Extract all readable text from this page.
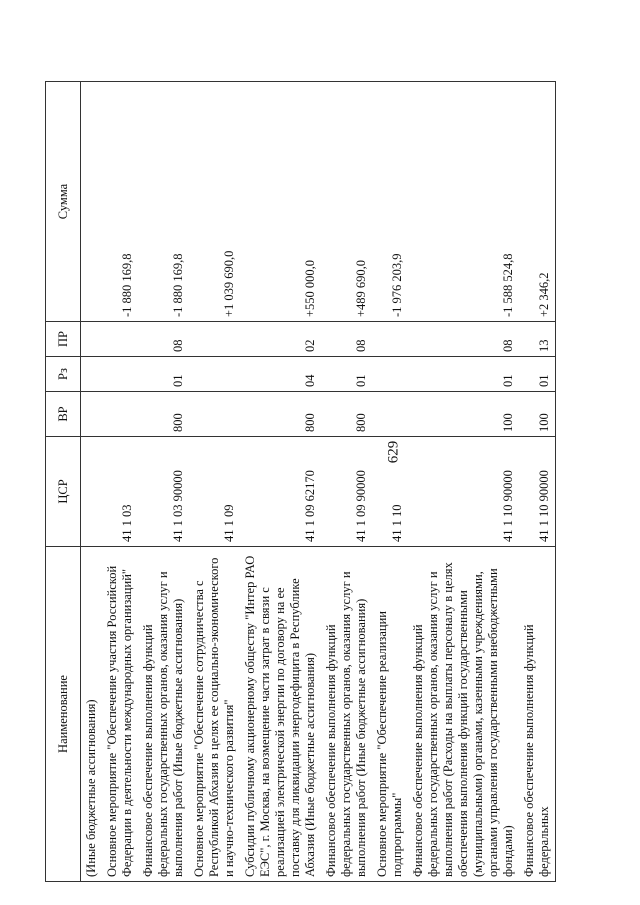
629
Наименование	ЦСР	ВР	Рз	ПР	Сумма
(Иные бюджетные ассигнования)					
Основное мероприятие "Обеспечение участия Российской Федерации в деятельности международных организаций"	41 1 03				-1 880 169,8
Финансовое обеспечение выполнения функций федеральных государственных органов, оказания услуг и выполнения работ (Иные бюджетные ассигнования)	41 1 03 90000	800	01	08	-1 880 169,8
Основное мероприятие "Обеспечение сотрудничества с Республикой Абхазия в целях ее социально-экономического и научно-технического развития"	41 1 09				+1 039 690,0
Субсидии публичному акционерному обществу "Интер РАО ЕЭС", г. Москва, на возмещение части затрат в связи с реализацией электрической энергии по договору на ее поставку для ликвидации энергодефицита в Республике Абхазия (Иные бюджетные ассигнования)	41 1 09 62170	800	04	02	+550 000,0
Финансовое обеспечение выполнения функций федеральных государственных органов, оказания услуг и выполнения работ (Иные бюджетные ассигнования)	41 1 09 90000	800	01	08	+489 690,0
Основное мероприятие "Обеспечение реализации подпрограммы"	41 1 10				-1 976 203,9
Финансовое обеспечение выполнения функций федеральных государственных органов, оказания услуг и выполнения работ (Расходы на выплаты персоналу в целях обеспечения выполнения функций государственными (муниципальными) органами, казенными учреждениями, органами управления государственными внебюджетными фондами)	41 1 10 90000	100	01	08	-1 588 524,8
Финансовое обеспечение выполнения функций федеральных	41 1 10 90000	100	01	13	+2 346,2
